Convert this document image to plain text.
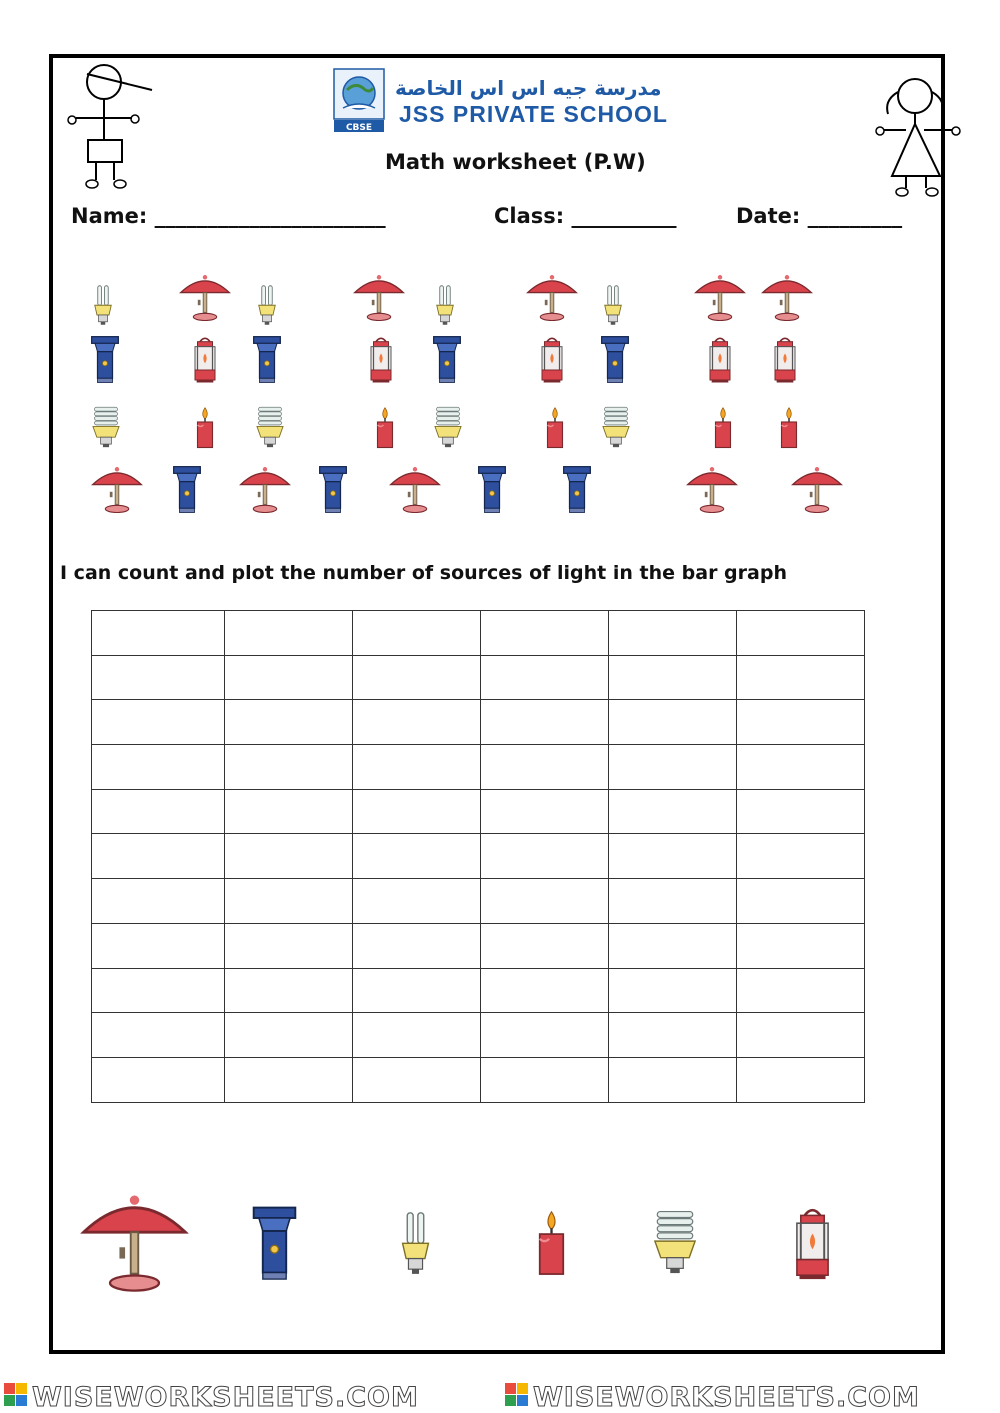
CBSE
مدرسة جيه اس اس الخاصة
JSS PRIVATE SCHOOL
Math worksheet (P.W)
Name: ______________________	Class: __________	Date: _________
I can count and plot the number of sources of light in the bar graph

WISEWORKSHEETS.COM	WISEWORKSHEETS.COM
